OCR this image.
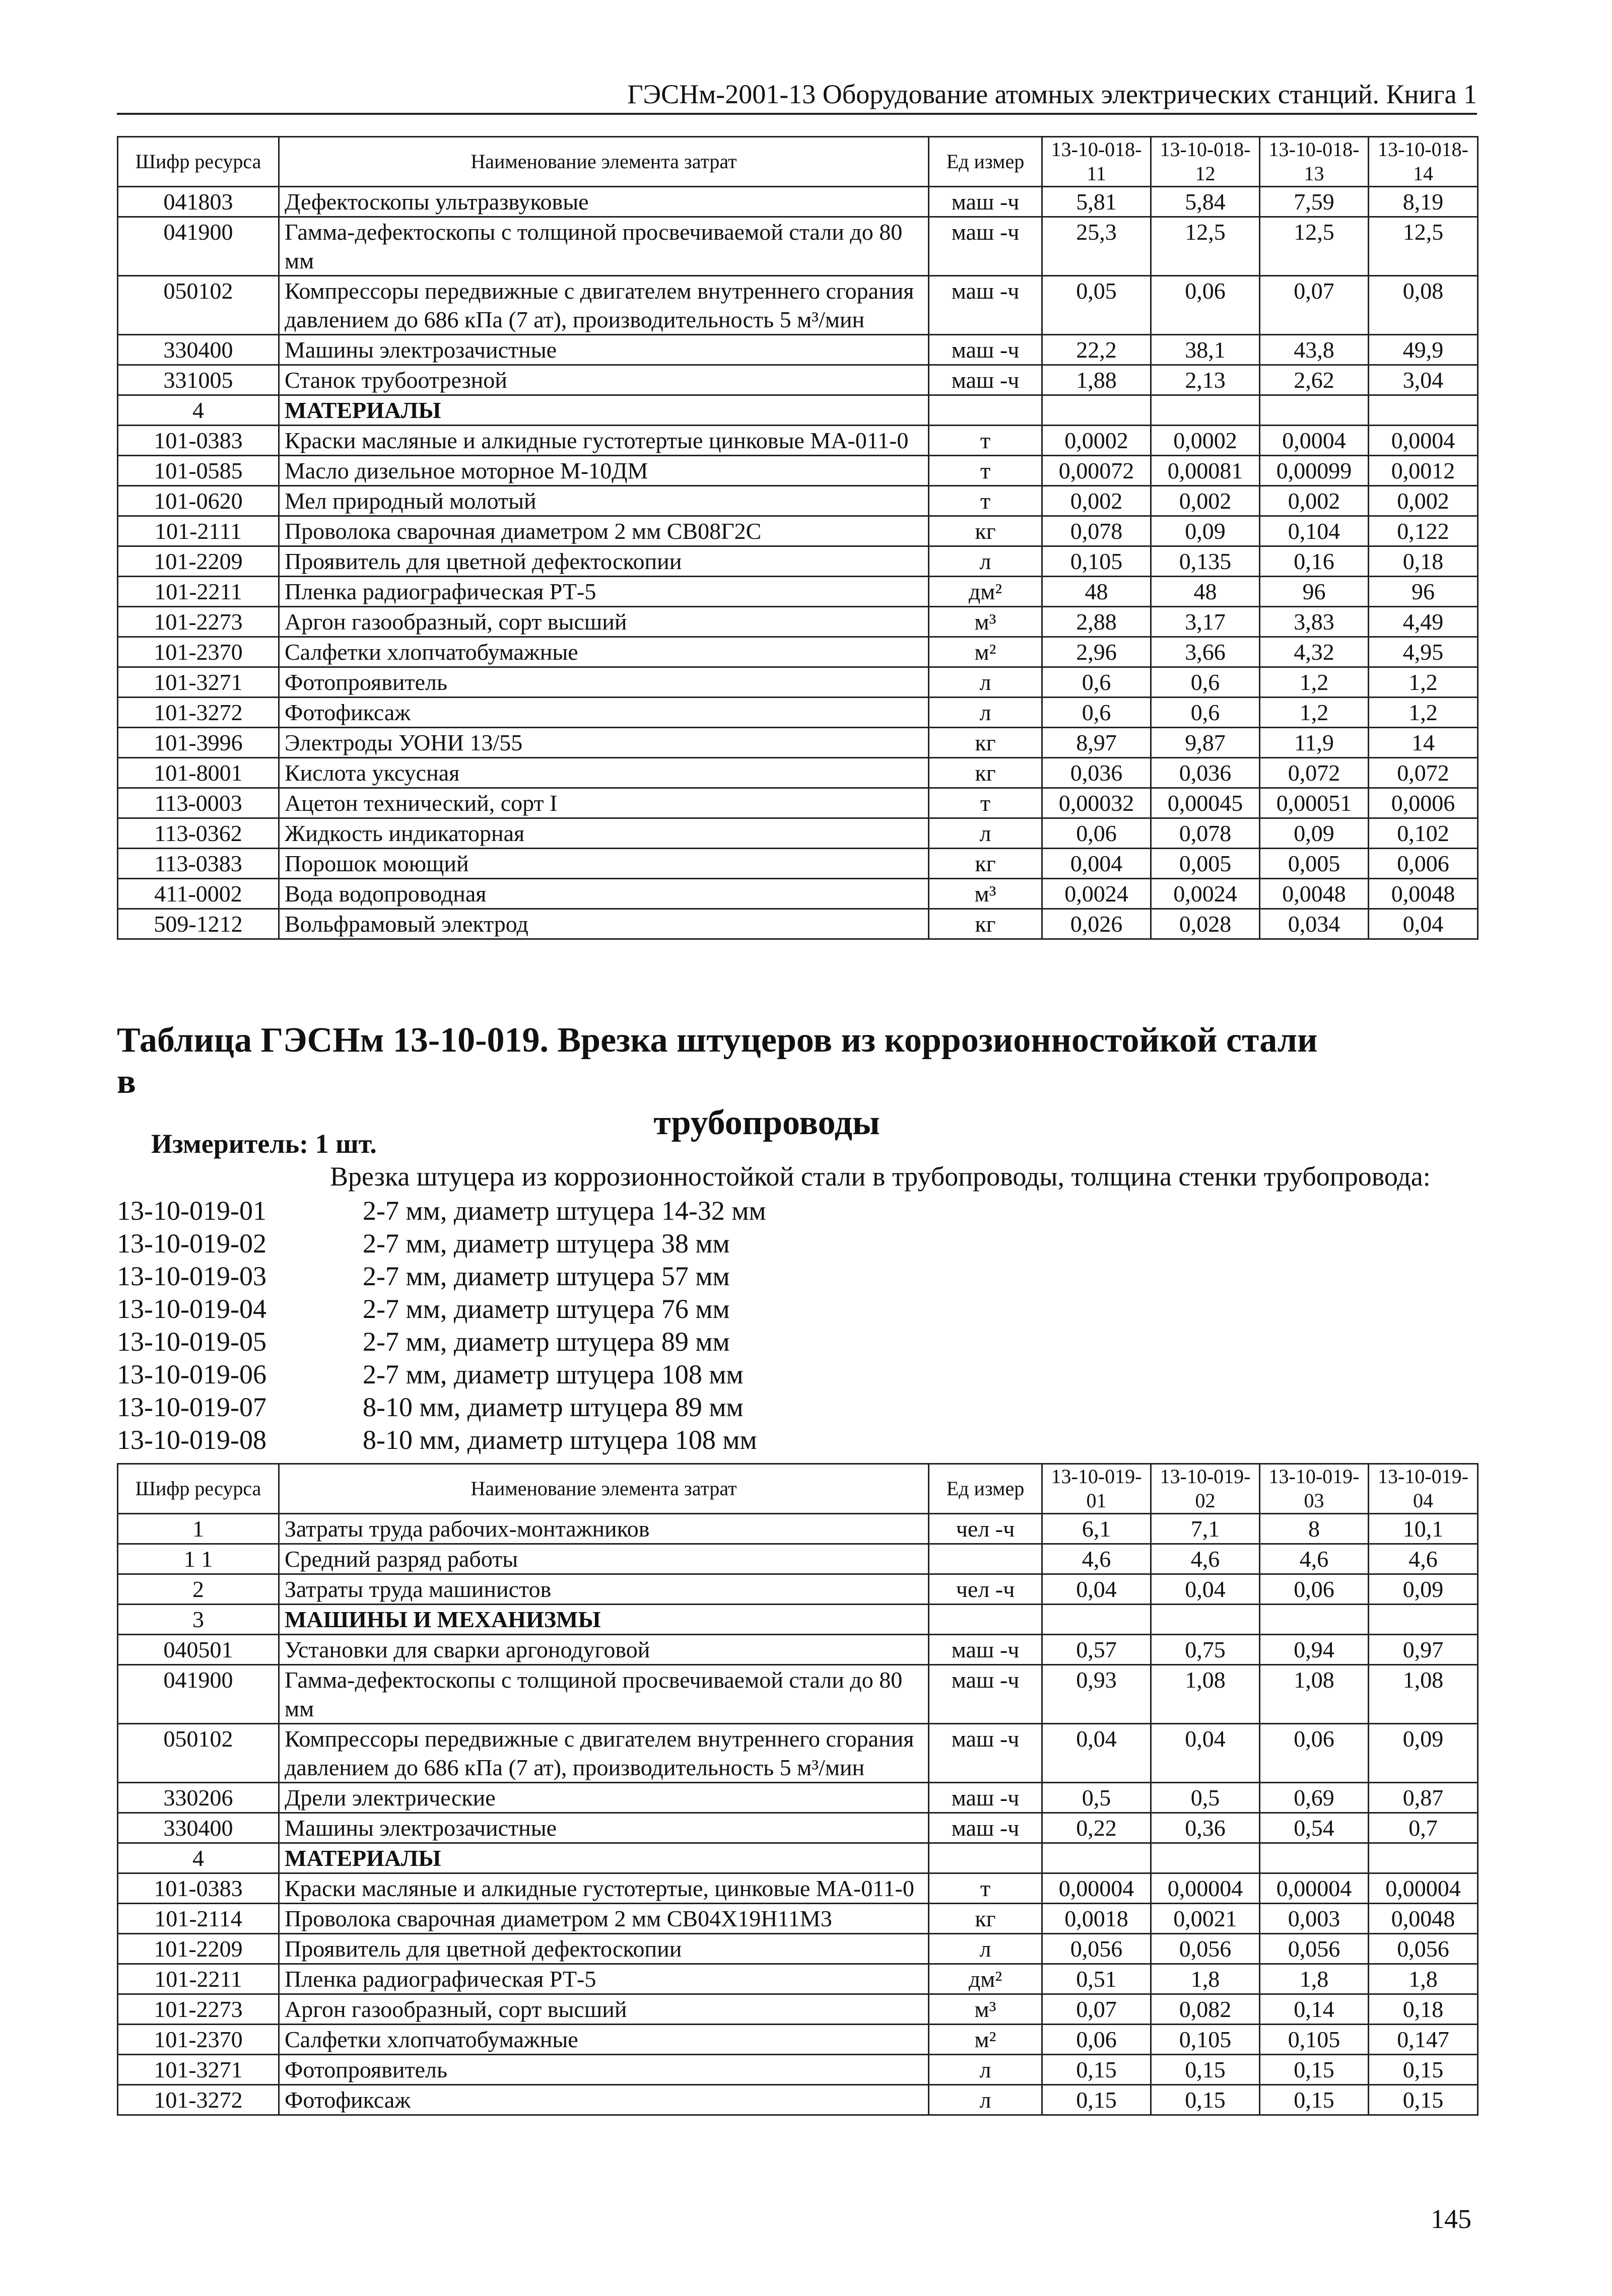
ГЭСНм-2001-13 Оборудование атомных электрических станций. Книга 1
Шифр ресурса	Наименование элемента затрат	Ед измер	13-10-018-11	13-10-018-12	13-10-018-13	13-10-018-14
041803	Дефектоскопы ультразвуковые	маш -ч	5,81	5,84	7,59	8,19
041900	Гамма-дефектоскопы с толщиной просвечиваемой стали до 80 мм	маш -ч	25,3	12,5	12,5	12,5
050102	Компрессоры передвижные с двигателем внутреннего сгорания давлением до 686 кПа (7 ат), производительность 5 м³/мин	маш -ч	0,05	0,06	0,07	0,08
330400	Машины электрозачистные	маш -ч	22,2	38,1	43,8	49,9
331005	Станок трубоотрезной	маш -ч	1,88	2,13	2,62	3,04
4	МАТЕРИАЛЫ					
101-0383	Краски масляные и алкидные густотертые цинковые МА-011-0	т	0,0002	0,0002	0,0004	0,0004
101-0585	Масло дизельное моторное М-10ДМ	т	0,00072	0,00081	0,00099	0,0012
101-0620	Мел природный молотый	т	0,002	0,002	0,002	0,002
101-2111	Проволока сварочная диаметром 2 мм СВ08Г2С	кг	0,078	0,09	0,104	0,122
101-2209	Проявитель для цветной дефектоскопии	л	0,105	0,135	0,16	0,18
101-2211	Пленка радиографическая РТ-5	дм²	48	48	96	96
101-2273	Аргон газообразный, сорт высший	м³	2,88	3,17	3,83	4,49
101-2370	Салфетки хлопчатобумажные	м²	2,96	3,66	4,32	4,95
101-3271	Фотопроявитель	л	0,6	0,6	1,2	1,2
101-3272	Фотофиксаж	л	0,6	0,6	1,2	1,2
101-3996	Электроды УОНИ 13/55	кг	8,97	9,87	11,9	14
101-8001	Кислота уксусная	кг	0,036	0,036	0,072	0,072
113-0003	Ацетон технический, сорт I	т	0,00032	0,00045	0,00051	0,0006
113-0362	Жидкость индикаторная	л	0,06	0,078	0,09	0,102
113-0383	Порошок моющий	кг	0,004	0,005	0,005	0,006
411-0002	Вода водопроводная	м³	0,0024	0,0024	0,0048	0,0048
509-1212	Вольфрамовый электрод	кг	0,026	0,028	0,034	0,04
Таблица ГЭСНм 13-10-019. Врезка штуцеров из коррозионностойкой стали в
трубопроводы
Измеритель: 1 шт.
Врезка штуцера из коррозионностойкой стали в трубопроводы, толщина стенки трубопровода:
13-10-019-01	2-7 мм, диаметр штуцера 14-32 мм
13-10-019-02	2-7 мм, диаметр штуцера 38 мм
13-10-019-03	2-7 мм, диаметр штуцера 57 мм
13-10-019-04	2-7 мм, диаметр штуцера 76 мм
13-10-019-05	2-7 мм, диаметр штуцера 89 мм
13-10-019-06	2-7 мм, диаметр штуцера 108 мм
13-10-019-07	8-10 мм, диаметр штуцера 89 мм
13-10-019-08	8-10 мм, диаметр штуцера 108 мм
Шифр ресурса	Наименование элемента затрат	Ед измер	13-10-019-01	13-10-019-02	13-10-019-03	13-10-019-04
1	Затраты труда рабочих-монтажников	чел -ч	6,1	7,1	8	10,1
1 1	Средний разряд работы		4,6	4,6	4,6	4,6
2	Затраты труда машинистов	чел -ч	0,04	0,04	0,06	0,09
3	МАШИНЫ И МЕХАНИЗМЫ					
040501	Установки для сварки аргонодуговой	маш -ч	0,57	0,75	0,94	0,97
041900	Гамма-дефектоскопы с толщиной просвечиваемой стали до 80 мм	маш -ч	0,93	1,08	1,08	1,08
050102	Компрессоры передвижные с двигателем внутреннего сгорания давлением до 686 кПа (7 ат), производительность 5 м³/мин	маш -ч	0,04	0,04	0,06	0,09
330206	Дрели электрические	маш -ч	0,5	0,5	0,69	0,87
330400	Машины электрозачистные	маш -ч	0,22	0,36	0,54	0,7
4	МАТЕРИАЛЫ					
101-0383	Краски масляные и алкидные густотертые, цинковые МА-011-0	т	0,00004	0,00004	0,00004	0,00004
101-2114	Проволока сварочная диаметром 2 мм СВ04Х19Н11М3	кг	0,0018	0,0021	0,003	0,0048
101-2209	Проявитель для цветной дефектоскопии	л	0,056	0,056	0,056	0,056
101-2211	Пленка радиографическая РТ-5	дм²	0,51	1,8	1,8	1,8
101-2273	Аргон газообразный, сорт высший	м³	0,07	0,082	0,14	0,18
101-2370	Салфетки хлопчатобумажные	м²	0,06	0,105	0,105	0,147
101-3271	Фотопроявитель	л	0,15	0,15	0,15	0,15
101-3272	Фотофиксаж	л	0,15	0,15	0,15	0,15
145
